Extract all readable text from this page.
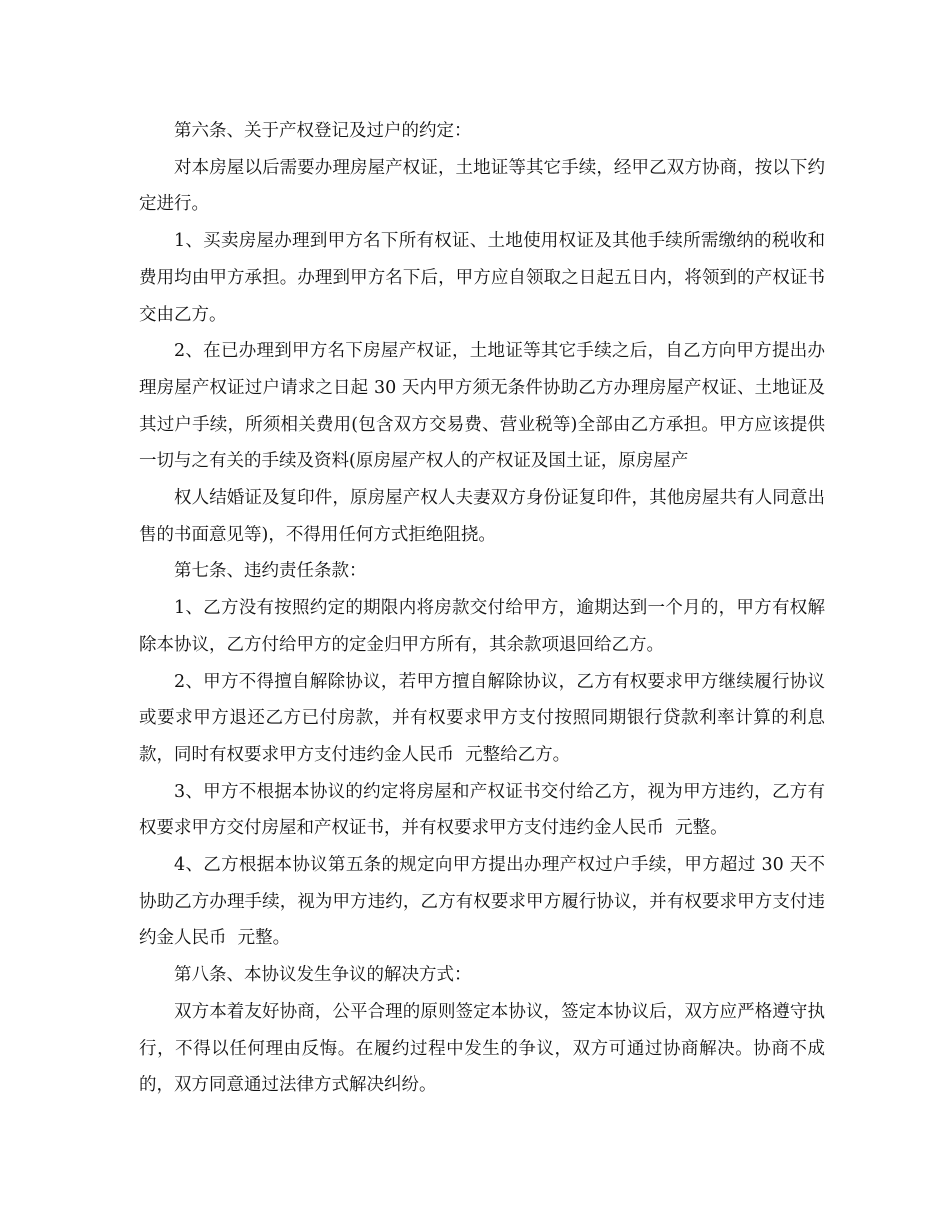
第六条、关于产权登记及过户的约定：

对本房屋以后需要办理房屋产权证，土地证等其它手续，经甲乙双方协商，按以下约定进行。

1、买卖房屋办理到甲方名下所有权证、土地使用权证及其他手续所需缴纳的税收和费用均由甲方承担。办理到甲方名下后，甲方应自领取之日起五日内，将领到的产权证书交由乙方。

2、在已办理到甲方名下房屋产权证，土地证等其它手续之后，自乙方向甲方提出办理房屋产权证过户请求之日起 30 天内甲方须无条件协助乙方办理房屋产权证、土地证及其过户手续，所须相关费用(包含双方交易费、营业税等)全部由乙方承担。甲方应该提供一切与之有关的手续及资料(原房屋产权人的产权证及国土证，原房屋产

权人结婚证及复印件，原房屋产权人夫妻双方身份证复印件，其他房屋共有人同意出售的书面意见等)，不得用任何方式拒绝阻挠。

第七条、违约责任条款：

1、乙方没有按照约定的期限内将房款交付给甲方，逾期达到一个月的，甲方有权解除本协议，乙方付给甲方的定金归甲方所有，其余款项退回给乙方。

2、甲方不得擅自解除协议，若甲方擅自解除协议，乙方有权要求甲方继续履行协议或要求甲方退还乙方已付房款，并有权要求甲方支付按照同期银行贷款利率计算的利息款，同时有权要求甲方支付违约金人民币  元整给乙方。

3、甲方不根据本协议的约定将房屋和产权证书交付给乙方，视为甲方违约，乙方有权要求甲方交付房屋和产权证书，并有权要求甲方支付违约金人民币  元整。

4、乙方根据本协议第五条的规定向甲方提出办理产权过户手续，甲方超过 30 天不协助乙方办理手续，视为甲方违约，乙方有权要求甲方履行协议，并有权要求甲方支付违约金人民币  元整。

第八条、本协议发生争议的解决方式：

双方本着友好协商，公平合理的原则签定本协议，签定本协议后，双方应严格遵守执行，不得以任何理由反悔。在履约过程中发生的争议，双方可通过协商解决。协商不成的，双方同意通过法律方式解决纠纷。
